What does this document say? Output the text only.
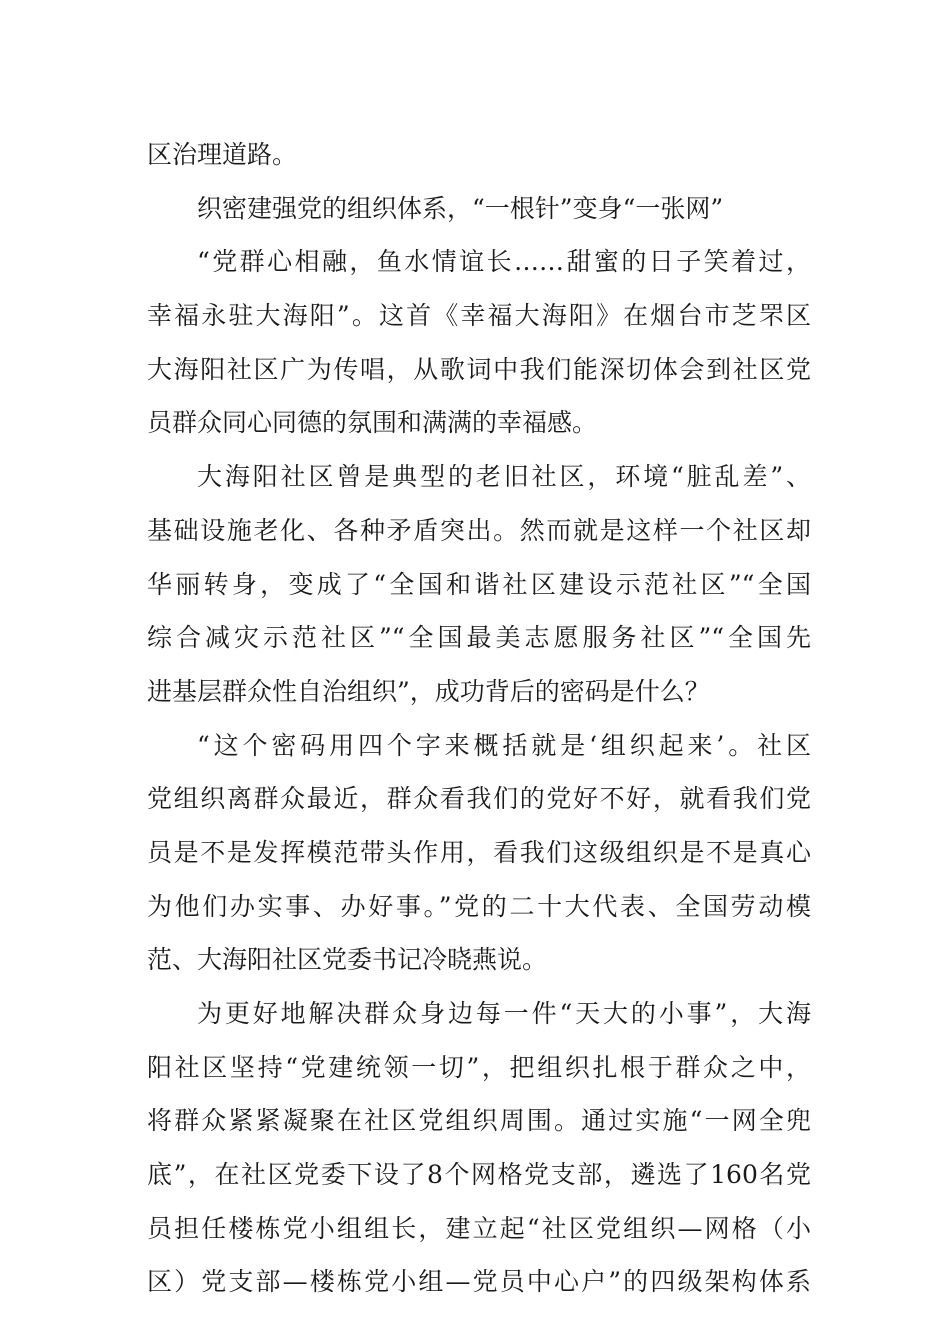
区治理道路。
织密建强党的组织体系，“一根针”变身“一张网”
“党群心相融，鱼水情谊长……甜蜜的日子笑着过，
幸福永驻大海阳”。这首《幸福大海阳》在烟台市芝罘区
大海阳社区广为传唱，从歌词中我们能深切体会到社区党
员群众同心同德的氛围和满满的幸福感。
大海阳社区曾是典型的老旧社区，环境“脏乱差”、
基础设施老化、各种矛盾突出。然而就是这样一个社区却
华丽转身，变成了“全国和谐社区建设示范社区”“全国
综合减灾示范社区”“全国最美志愿服务社区”“全国先
进基层群众性自治组织”，成功背后的密码是什么？
“这个密码用四个字来概括就是‘组织起来’。社区
党组织离群众最近，群众看我们的党好不好，就看我们党
员是不是发挥模范带头作用，看我们这级组织是不是真心
为他们办实事、办好事。”党的二十大代表、全国劳动模
范、大海阳社区党委书记冷晓燕说。
为更好地解决群众身边每一件“天大的小事”，大海
阳社区坚持“党建统领一切”，把组织扎根于群众之中，
将群众紧紧凝聚在社区党组织周围。通过实施“一网全兜
底”，在社区党委下设了8个网格党支部，遴选了160名党
员担任楼栋党小组组长，建立起“社区党组织—网格（小
区）党支部—楼栋党小组—党员中心户”的四级架构体系
